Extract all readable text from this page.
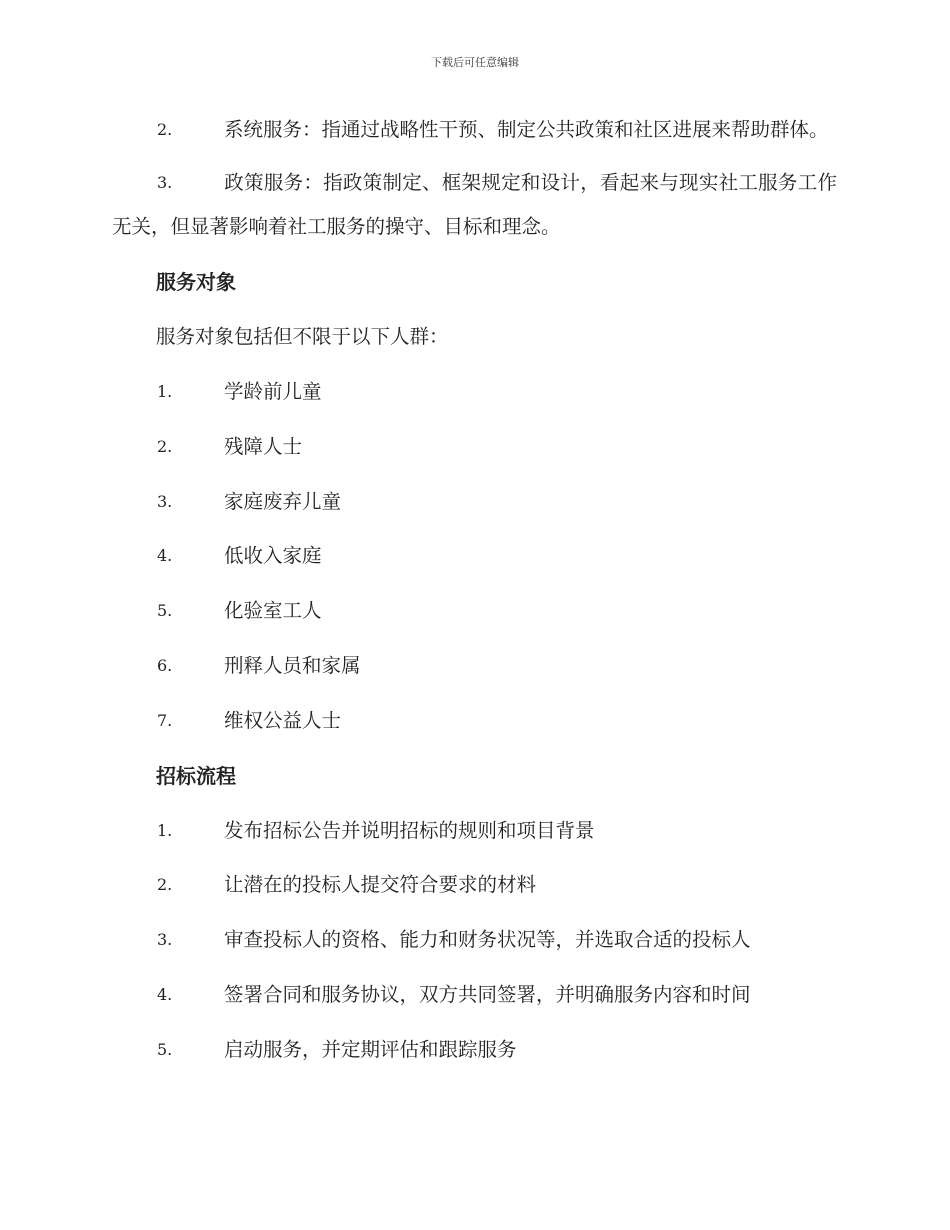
下载后可任意编辑

2.	系统服务：指通过战略性干预、制定公共政策和社区进展来帮助群体。

3.	政策服务：指政策制定、框架规定和设计，看起来与现实社工服务工作无关，但显著影响着社工服务的操守、目标和理念。

服务对象

服务对象包括但不限于以下人群：

1.	学龄前儿童
2.	残障人士
3.	家庭废弃儿童
4.	低收入家庭
5.	化验室工人
6.	刑释人员和家属
7.	维权公益人士
招标流程
1.	发布招标公告并说明招标的规则和项目背景
2.	让潜在的投标人提交符合要求的材料
3.	审查投标人的资格、能力和财务状况等，并选取合适的投标人
4.	签署合同和服务协议，双方共同签署，并明确服务内容和时间
5.	启动服务，并定期评估和跟踪服务
